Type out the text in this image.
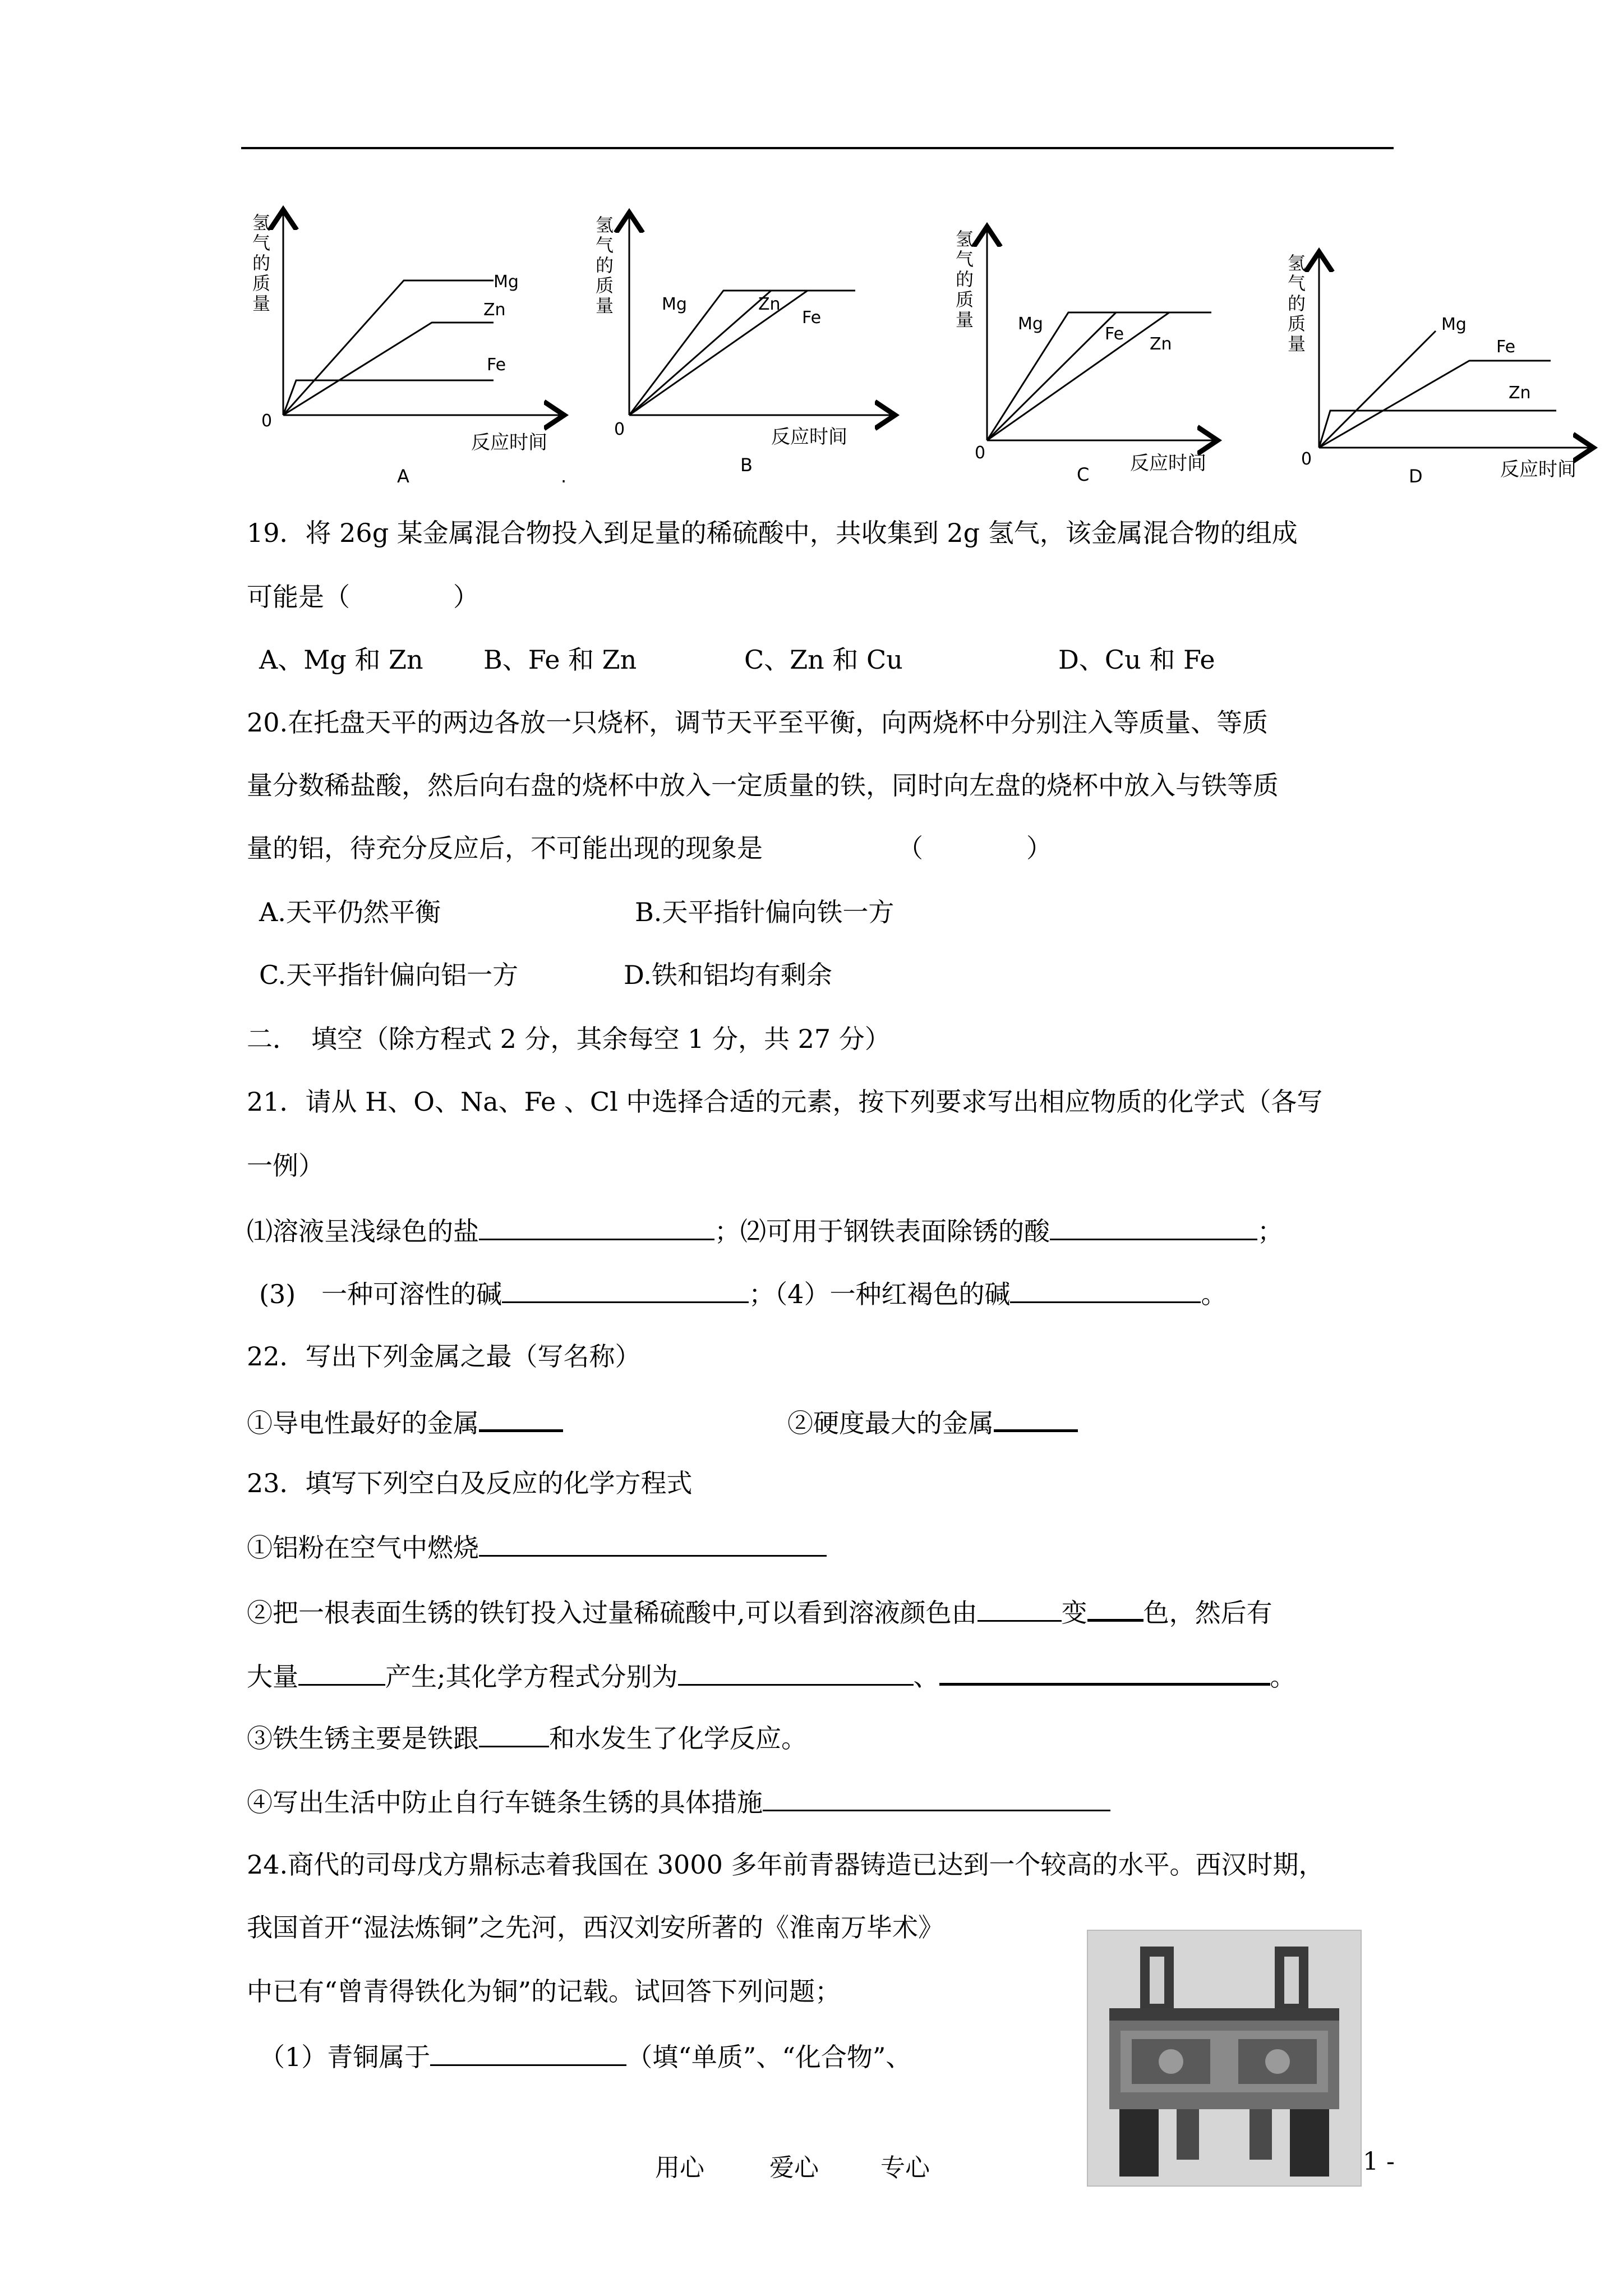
Mg
Zn
Fe
0
反应时间
A	.
氢
气
的
质
量	Mg	Zn
Fe
0	反应时间
B
氢
气
的
质
量
Mg
Fe
Zn
0	反应时间
C
氢
气
的
质
量	Mg
Fe
Zn
0	反应时间
D
氢
气
的
质
量
19．将 26g 某金属混合物投入到足量的稀硫酸中，共收集到 2g 氢气，该金属混合物的组成
可能是（　　　　）
A、Mg 和 Zn B、Fe 和 Zn	C、Zn 和 Cu	D、Cu 和 Fe
20.在托盘天平的两边各放一只烧杯，调节天平至平衡，向两烧杯中分别注入等质量、等质
量分数稀盐酸，然后向右盘的烧杯中放入一定质量的铁，同时向左盘的烧杯中放入与铁等质
量的铝，待充分反应后，不可能出现的现象是	（　　　　）
A.天平仍然平衡	B.天平指针偏向铁一方
C.天平指针偏向铝一方	D.铁和铝均有剩余
二．　填空（除方程式 2 分，其余每空 1 分，共 27 分）
21．请从 H、O、Na、Fe 、Cl 中选择合适的元素，按下列要求写出相应物质的化学式（各写
一例）
⑴溶液呈浅绿色的盐	；⑵可用于钢铁表面除锈的酸	；
(3)　一种可溶性的碱	；（4）一种红褐色的碱	。
22．写出下列金属之最（写名称）
①导电性最好的金属	②硬度最大的金属
23．填写下列空白及反应的化学方程式
①铝粉在空气中燃烧
②把一根表面生锈的铁钉投入过量稀硫酸中,可以看到溶液颜色由	变 色，然后有
大量	产生;其化学方程式分别为	、	。
③铁生锈主要是铁跟	和水发生了化学反应。
④写出生活中防止自行车链条生锈的具体措施
24.商代的司母戊方鼎标志着我国在 3000 多年前青器铸造已达到一个较高的水平。西汉时期，
我国首开“湿法炼铜”之先河，西汉刘安所著的《淮南万毕术》
中已有“曾青得铁化为铜”的记载。试回答下列问题；
（1）青铜属于	（填“单质”、“化合物”、
用心	爱心	专心	1 -
